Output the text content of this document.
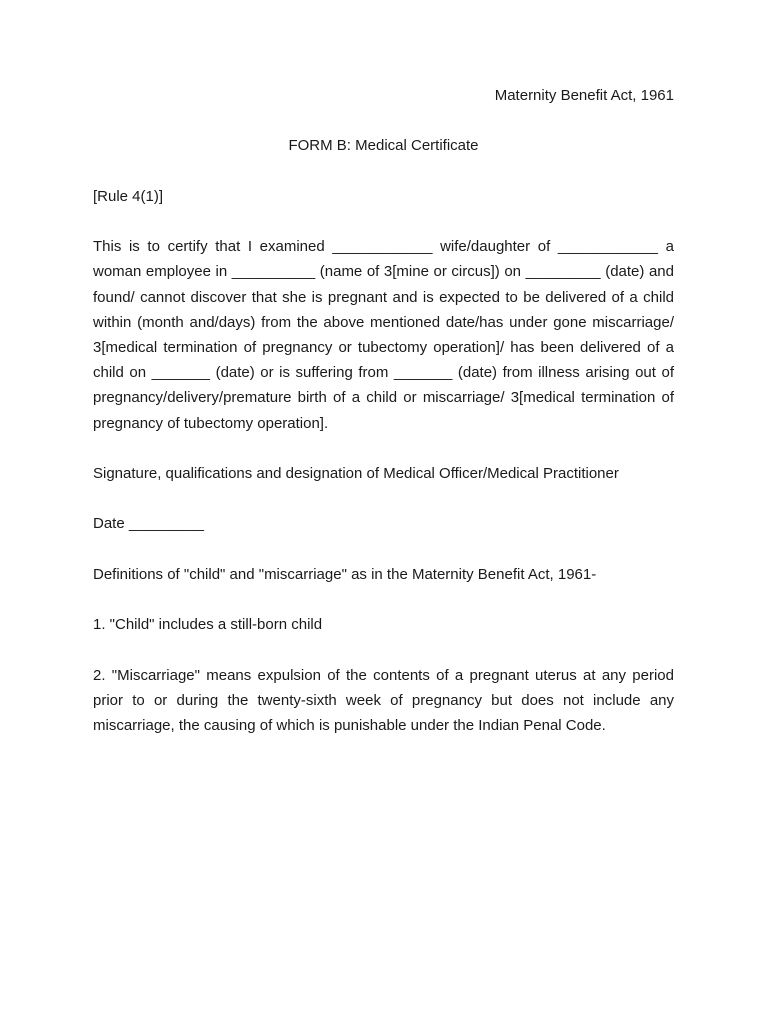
Maternity Benefit Act, 1961

FORM B: Medical Certificate

[Rule 4(1)]

This is to certify that I examined ____________ wife/daughter of ____________ a woman employee in __________ (name of 3[mine or circus]) on _________ (date) and found/ cannot discover that she is pregnant and is expected to be delivered of a child within (month and/days) from the above mentioned date/has under gone miscarriage/ 3[medical termination of pregnancy or tubectomy operation]/ has been delivered of a child on _______ (date) or is suffering from _______ (date) from illness arising out of pregnancy/delivery/premature birth of a child or miscarriage/ 3[medical termination of pregnancy of tubectomy operation].

Signature, qualifications and designation of Medical Officer/Medical Practitioner

Date _________

Definitions of "child" and "miscarriage" as in the Maternity Benefit Act, 1961-

1. "Child" includes a still-born child

2. "Miscarriage" means expulsion of the contents of a pregnant uterus at any period prior to or during the twenty-sixth week of pregnancy but does not include any miscarriage, the causing of which is punishable under the Indian Penal Code.
